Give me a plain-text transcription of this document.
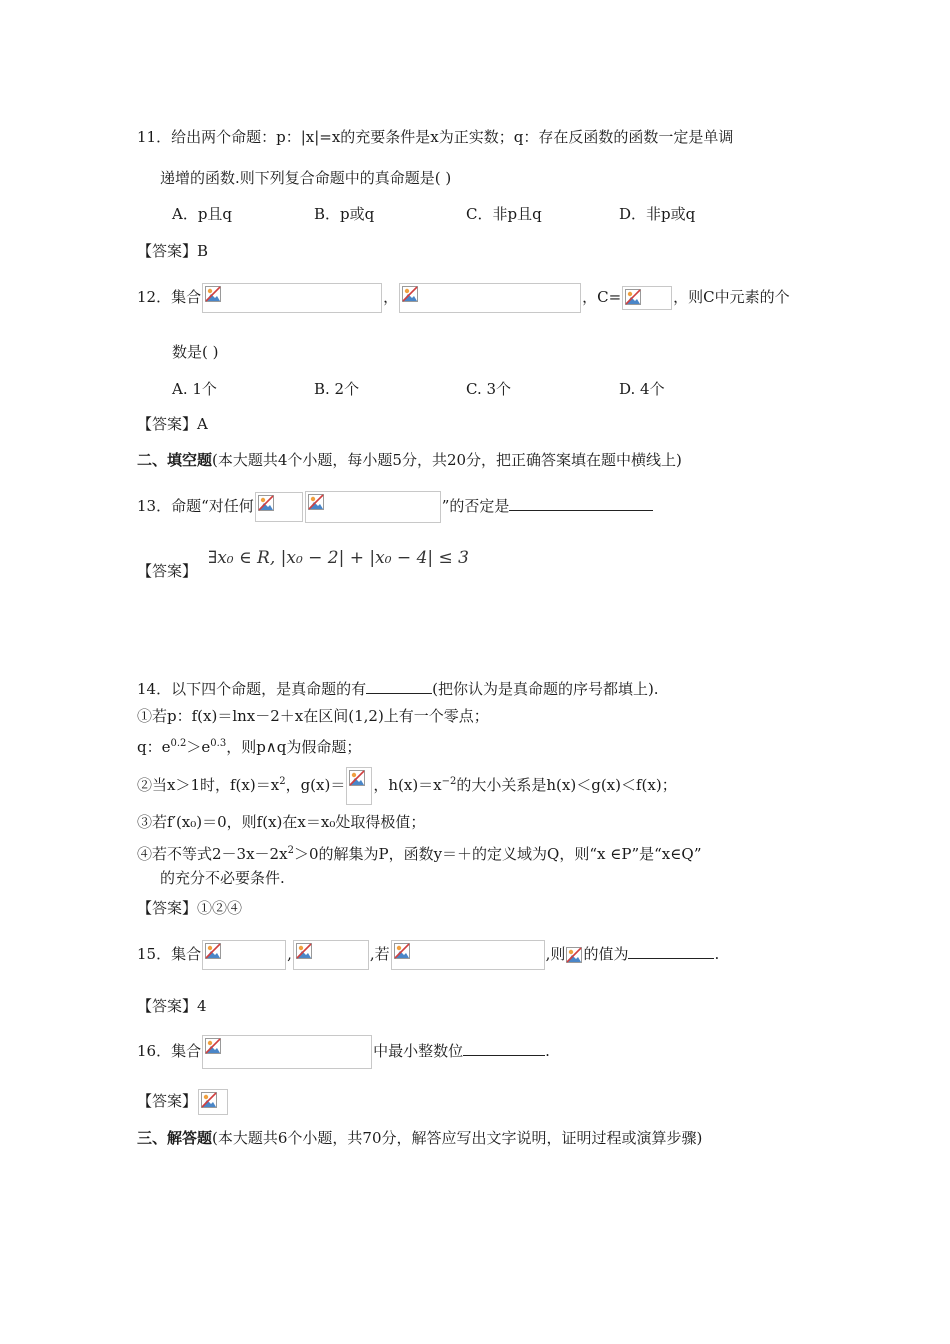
11．给出两个命题：p：|x|=x的充要条件是x为正实数；q：存在反函数的函数一定是单调
递增的函数.则下列复合命题中的真命题是( )
A．p且q	B．p或q	C．非p且q	D．非p或q
【答案】B
12．集合	，	，C=	，则C中元素的个
数是( )
A. 1个	B. 2个	C. 3个	D. 4个
【答案】A
二、填空题(本大题共4个小题，每小题5分，共20分，把正确答案填在题中横线上)
13．命题“对任何	”的否定是
【答案】
∃x₀ ∈ R, |x₀ − 2| + |x₀ − 4| ≤ 3
14．以下四个命题，是真命题的有	(把你认为是真命题的序号都填上).
①若p：f(x)＝lnx－2＋x在区间(1,2)上有一个零点；
q：$e^{0.2}>e^{0.3}$，则p∧q为假命题；
②当x＞1时，$f(x)=x^2$，g(x)＝ ，$h(x)=x^{-2}$的大小关系是h(x)＜g(x)＜f(x)；
③若f′(x₀)＝0，则f(x)在x＝x₀处取得极值；
④若不等式$2-3x-2x^2>0$的解集为P，函数y＝＋的定义域为Q，则“x ∈P”是“x∈Q”
的充分不必要条件.
【答案】①②④
15．集合	,	,若	,则 的值为	.
【答案】4
16．集合	中最小整数位	.
【答案】
三、解答题(本大题共6个小题，共70分，解答应写出文字说明，证明过程或演算步骤)
